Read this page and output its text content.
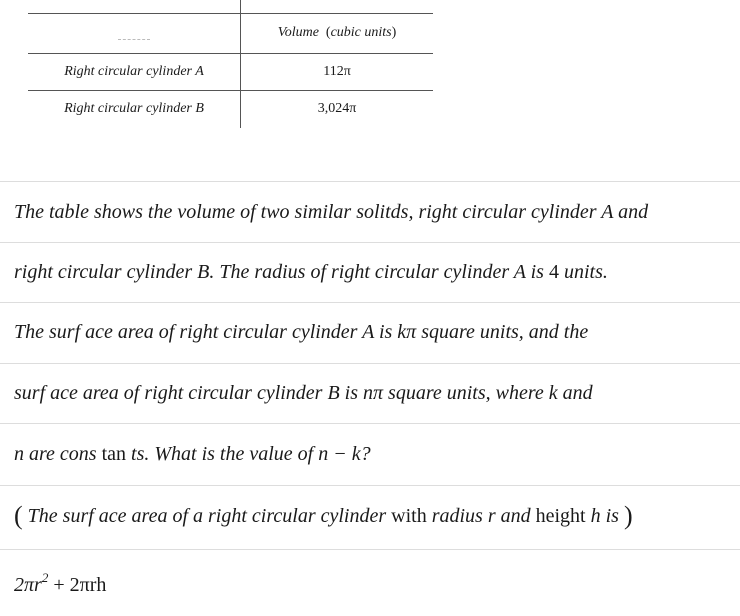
Volume  (cubic units)
Right circular cylinder A	112π
Right circular cylinder B	3,024π
The table shows the volume of two similar solitds, right circular cylinder A and
right circular cylinder B. The radius of right circular cylinder A is 4 units.
The surf ace area of right circular cylinder A is kπ square units, and the
surf ace area of right circular cylinder B is nπ square units, where k and
n are cons tan ts. What is the value of n − k?
( The surf ace area of a right circular cylinder with radius r and height h is )
$2\pi r^2 + 2\pi rh$
